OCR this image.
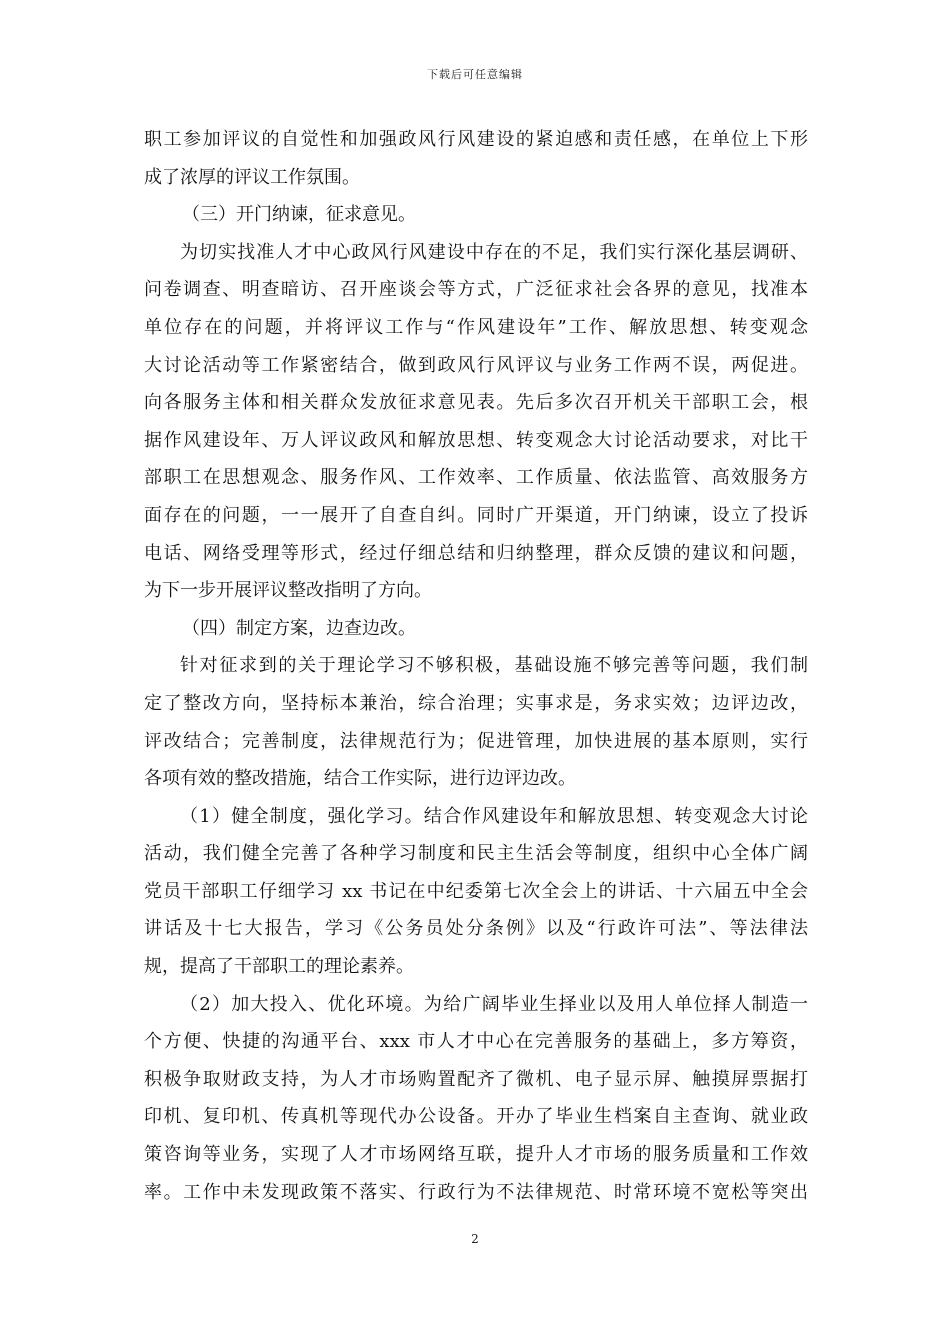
下载后可任意编辑
职工参加评议的自觉性和加强政风行风建设的紧迫感和责任感，在单位上下形
成了浓厚的评议工作氛围。
（三）开门纳谏，征求意见。
为切实找准人才中心政风行风建设中存在的不足，我们实行深化基层调研、
问卷调查、明查暗访、召开座谈会等方式，广泛征求社会各界的意见，找准本
单位存在的问题，并将评议工作与“作风建设年”工作、解放思想、转变观念
大讨论活动等工作紧密结合，做到政风行风评议与业务工作两不误，两促进。
向各服务主体和相关群众发放征求意见表。先后多次召开机关干部职工会，根
据作风建设年、万人评议政风和解放思想、转变观念大讨论活动要求，对比干
部职工在思想观念、服务作风、工作效率、工作质量、依法监管、高效服务方
面存在的问题，一一展开了自查自纠。同时广开渠道，开门纳谏，设立了投诉
电话、网络受理等形式，经过仔细总结和归纳整理，群众反馈的建议和问题，
为下一步开展评议整改指明了方向。
（四）制定方案，边查边改。
针对征求到的关于理论学习不够积极，基础设施不够完善等问题，我们制
定了整改方向，坚持标本兼治，综合治理；实事求是，务求实效；边评边改，
评改结合；完善制度，法律规范行为；促进管理，加快进展的基本原则，实行
各项有效的整改措施，结合工作实际，进行边评边改。
（1）健全制度，强化学习。结合作风建设年和解放思想、转变观念大讨论
活动，我们健全完善了各种学习制度和民主生活会等制度，组织中心全体广阔
党员干部职工仔细学习 xx 书记在中纪委第七次全会上的讲话、十六届五中全会
讲话及十七大报告，学习《公务员处分条例》以及“行政许可法”、等法律法
规，提高了干部职工的理论素养。
（2）加大投入、优化环境。为给广阔毕业生择业以及用人单位择人制造一
个方便、快捷的沟通平台、xxx 市人才中心在完善服务的基础上，多方筹资，
积极争取财政支持，为人才市场购置配齐了微机、电子显示屏、触摸屏票据打
印机、复印机、传真机等现代办公设备。开办了毕业生档案自主查询、就业政
策咨询等业务，实现了人才市场网络互联，提升人才市场的服务质量和工作效
率。工作中未发现政策不落实、行政行为不法律规范、时常环境不宽松等突出
2
